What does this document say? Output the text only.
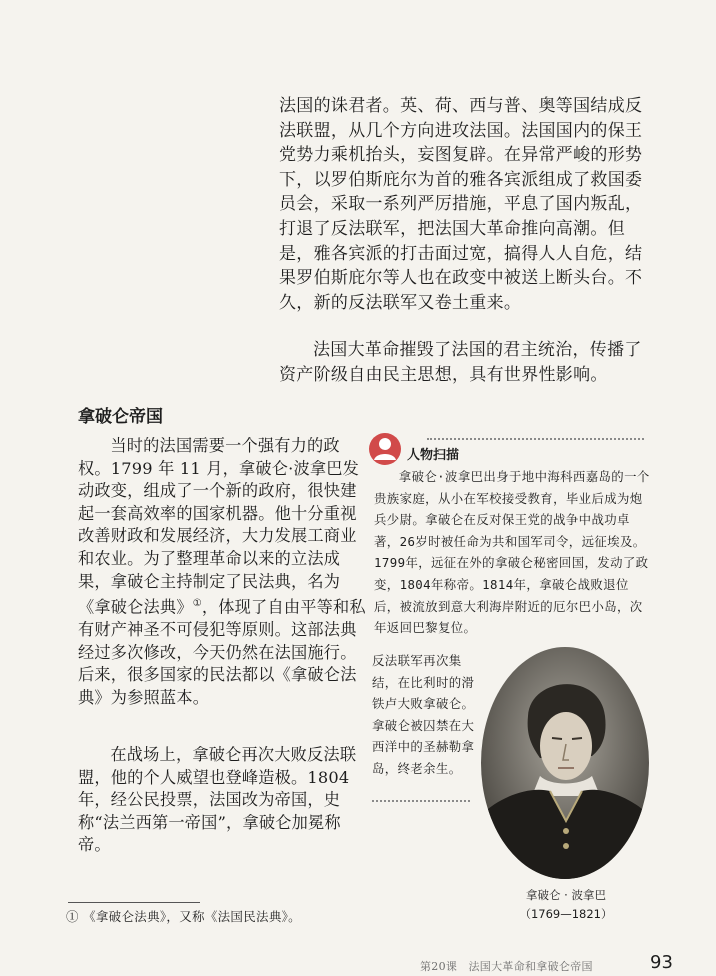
法国的诛君者。英、荷、西与普、奥等国结成反法联盟，从几个方向进攻法国。法国国内的保王党势力乘机抬头，妄图复辟。在异常严峻的形势下，以罗伯斯庇尔为首的雅各宾派组成了救国委员会，采取一系列严厉措施，平息了国内叛乱，打退了反法联军，把法国大革命推向高潮。但是，雅各宾派的打击面过宽，搞得人人自危，结果罗伯斯庇尔等人也在政变中被送上断头台。不久，新的反法联军又卷土重来。

法国大革命摧毁了法国的君主统治，传播了资产阶级自由民主思想，具有世界性影响。

拿破仑帝国

当时的法国需要一个强有力的政权。1799 年 11 月，拿破仑·波拿巴发动政变，组成了一个新的政府，很快建起一套高效率的国家机器。他十分重视改善财政和发展经济，大力发展工商业和农业。为了整理革命以来的立法成果，拿破仑主持制定了民法典，名为《拿破仑法典》①，体现了自由平等和私有财产神圣不可侵犯等原则。这部法典经过多次修改，今天仍然在法国施行。后来，很多国家的民法都以《拿破仑法典》为参照蓝本。

在战场上，拿破仑再次大败反法联盟，他的个人威望也登峰造极。1804 年，经公民投票，法国改为帝国，史称“法兰西第一帝国”，拿破仑加冕称帝。

人物扫描

拿破仑·波拿巴出身于地中海科西嘉岛的一个贵族家庭，从小在军校接受教育，毕业后成为炮兵少尉。拿破仑在反对保王党的战争中战功卓著，26岁时被任命为共和国军司令，远征埃及。1799年，远征在外的拿破仑秘密回国，发动了政变，1804年称帝。1814年，拿破仑战败退位后，被流放到意大利海岸附近的厄尔巴小岛，次年返回巴黎复位。

反法联军再次集结，在比利时的滑铁卢大败拿破仑。拿破仑被囚禁在大西洋中的圣赫勒拿岛，终老余生。

拿破仑 · 波拿巴
（1769—1821）

① 《拿破仑法典》，又称《法国民法典》。

第20课　法国大革命和拿破仑帝国	93
